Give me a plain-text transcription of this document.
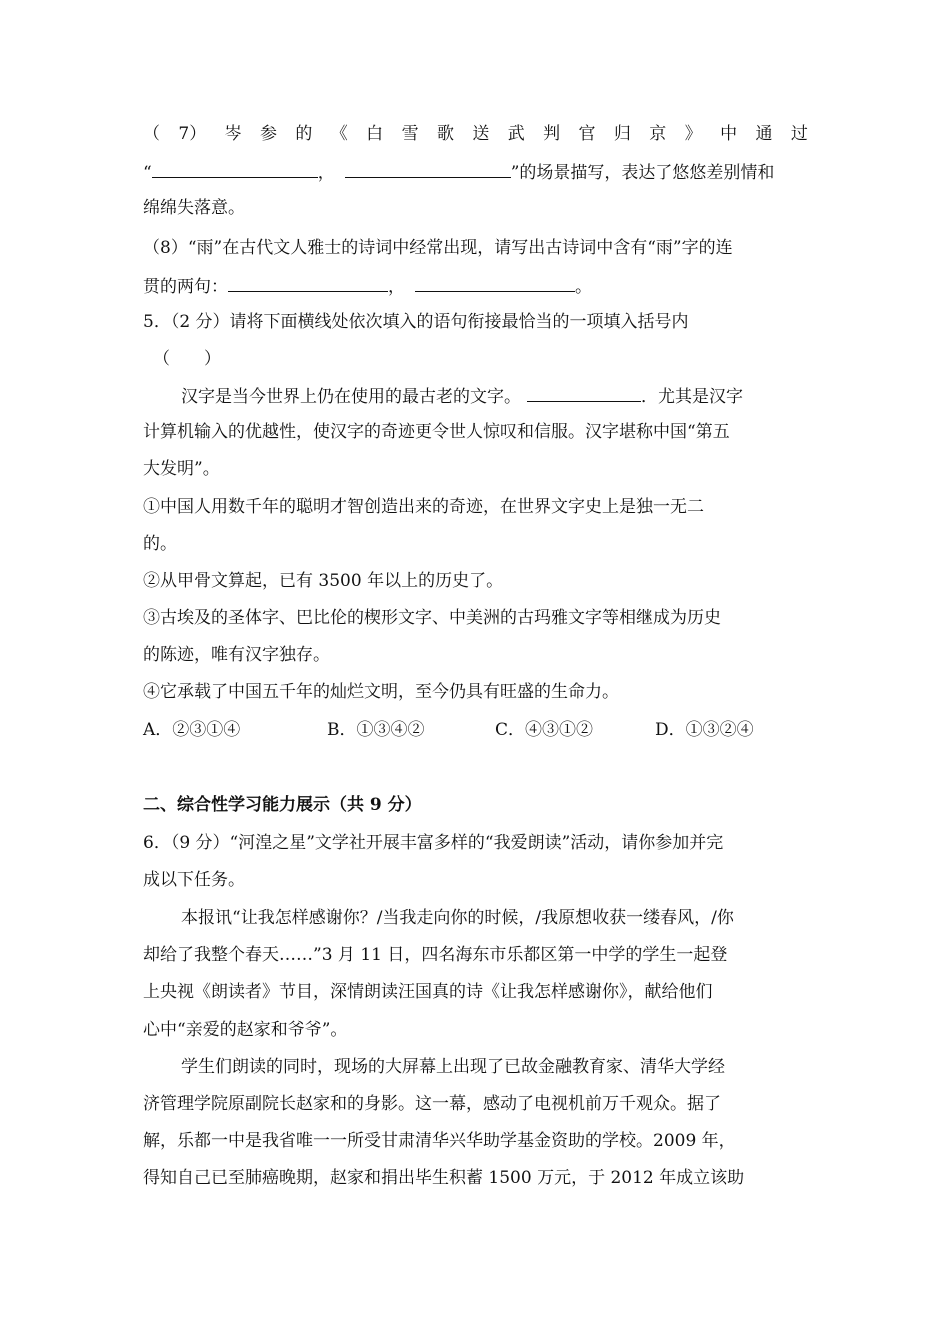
（ 7） 岑 参 的 《 白 雪 歌 送 武 判 官 归 京 》 中 通 过
“	，	”的场景描写，表达了悠悠差别情和
绵绵失落意。
（8）“雨”在古代文人雅士的诗词中经常出现，请写出古诗词中含有“雨”字的连
贯的两句：	，	。
5．（2 分）请将下面横线处依次填入的语句衔接最恰当的一项填入括号内
（　　）
汉字是当今世界上仍在使用的最古老的文字。	．尤其是汉字
计算机输入的优越性，使汉字的奇迹更令世人惊叹和信服。汉字堪称中国“第五
大发明”。
①中国人用数千年的聪明才智创造出来的奇迹，在世界文字史上是独一无二
的。
②从甲骨文算起，已有 3500 年以上的历史了。
③古埃及的圣体字、巴比伦的楔形文字、中美洲的古玛雅文字等相继成为历史
的陈迹，唯有汉字独存。
④它承载了中国五千年的灿烂文明，至今仍具有旺盛的生命力。
A．②③①④	B．①③④②	C．④③①②	D．①③②④
二、综合性学习能力展示（共 9 分）
6．（9 分）“河湟之星”文学社开展丰富多样的“我爱朗读”活动，请你参加并完
成以下任务。
本报讯“让我怎样感谢你？/当我走向你的时候，/我原想收获一缕春风，/你
却给了我整个春天……”3 月 11 日，四名海东市乐都区第一中学的学生一起登
上央视《朗读者》节目，深情朗读汪国真的诗《让我怎样感谢你》，献给他们
心中“亲爱的赵家和爷爷”。
学生们朗读的同时，现场的大屏幕上出现了已故金融教育家、清华大学经
济管理学院原副院长赵家和的身影。这一幕，感动了电视机前万千观众。据了
解，乐都一中是我省唯一一所受甘肃清华兴华助学基金资助的学校。2009 年，
得知自己已至肺癌晚期，赵家和捐出毕生积蓄 1500 万元，于 2012 年成立该助
